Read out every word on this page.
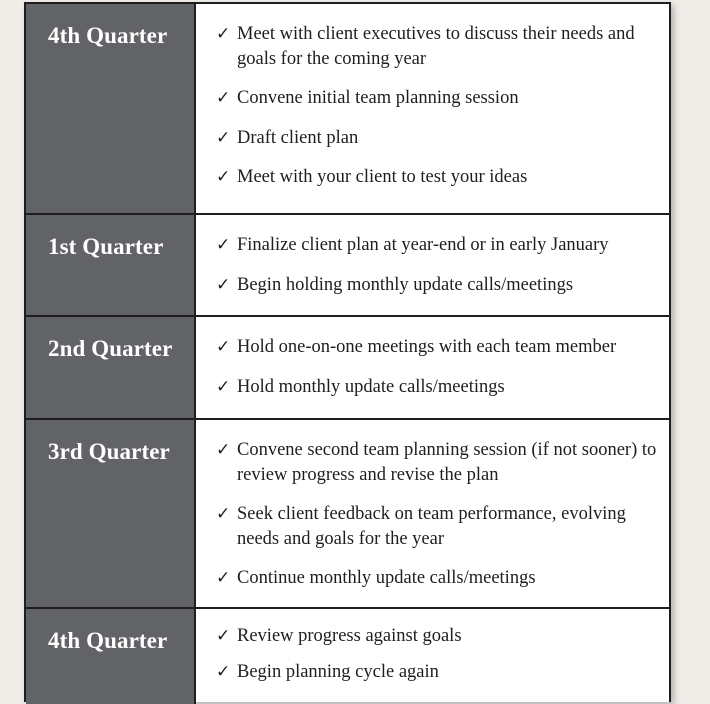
4th Quarter	✓ Meet with client executives to discuss their needs and goals for the coming year
✓ Convene initial team planning session
✓ Draft client plan
✓ Meet with your client to test your ideas
1st Quarter	✓ Finalize client plan at year-end or in early January
✓ Begin holding monthly update calls/meetings
2nd Quarter	✓ Hold one-on-one meetings with each team member
✓ Hold monthly update calls/meetings
3rd Quarter	✓ Convene second team planning session (if not sooner) to review progress and revise the plan
✓ Seek client feedback on team performance, evolving needs and goals for the year
✓ Continue monthly update calls/meetings
4th Quarter	✓ Review progress against goals
✓ Begin planning cycle again
